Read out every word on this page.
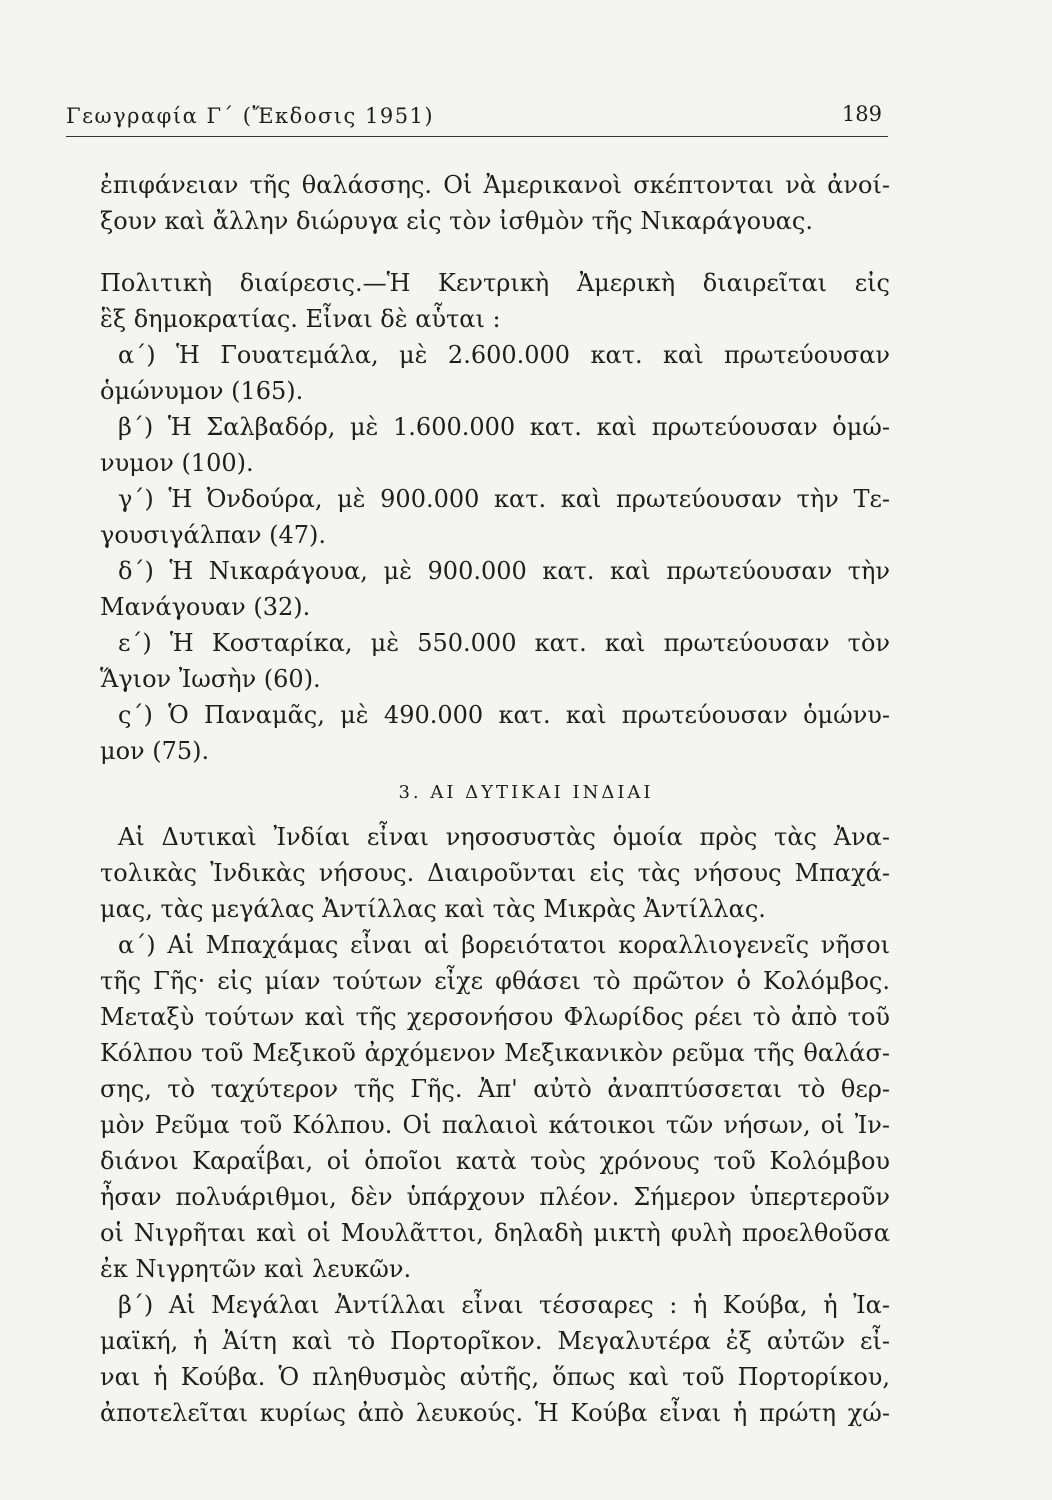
Γεωγραφία Γ΄ (Ἔκδοσις 1951)	189
ἐπιφάνειαν τῆς θαλάσσης. Οἱ Ἀμερικανοὶ σκέπτονται νὰ ἀνοί-
ξουν καὶ ἄλλην διώρυγα εἰς τὸν ἰσθμὸν τῆς Νικαράγουας.
Πολιτικὴ διαίρεσις.—Ἡ Κεντρικὴ Ἀμερικὴ διαιρεῖται εἰς
ἓξ δημοκρατίας. Εἶναι δὲ αὗται :
α΄) Ἡ Γουατεμάλα, μὲ 2.600.000 κατ. καὶ πρωτεύουσαν
ὁμώνυμον (165).
β΄) Ἡ Σαλβαδόρ, μὲ 1.600.000 κατ. καὶ πρωτεύουσαν ὁμώ-
νυμον (100).
γ΄) Ἡ Ὀνδούρα, μὲ 900.000 κατ. καὶ πρωτεύουσαν τὴν Τε-
γουσιγάλπαν (47).
δ΄) Ἡ Νικαράγουα, μὲ 900.000 κατ. καὶ πρωτεύουσαν τὴν
Μανάγουαν (32).
ε΄) Ἡ Κοσταρίκα, μὲ 550.000 κατ. καὶ πρωτεύουσαν τὸν
Ἅγιον Ἰωσὴν (60).
ς΄) Ὁ Παναμᾶς, μὲ 490.000 κατ. καὶ πρωτεύουσαν ὁμώνυ-
μον (75).
3. ΑΙ ΔΥΤΙΚΑΙ ΙΝΔΙΑΙ
Αἱ Δυτικαὶ Ἰνδίαι εἶναι νησοσυστὰς ὁμοία πρὸς τὰς Ἀνα-
τολικὰς Ἰνδικὰς νήσους. Διαιροῦνται εἰς τὰς νήσους Μπαχά-
μας, τὰς μεγάλας Ἀντίλλας καὶ τὰς Μικρὰς Ἀντίλλας.
α΄) Αἱ Μπαχάμας εἶναι αἱ βορειότατοι κοραλλιογενεῖς νῆσοι
τῆς Γῆς· εἰς μίαν τούτων εἶχε φθάσει τὸ πρῶτον ὁ Κολόμβος.
Μεταξὺ τούτων καὶ τῆς χερσονήσου Φλωρίδος ρέει τὸ ἀπὸ τοῦ
Κόλπου τοῦ Μεξικοῦ ἀρχόμενον Μεξικανικὸν ρεῦμα τῆς θαλάσ-
σης, τὸ ταχύτερον τῆς Γῆς. Ἀπ' αὐτὸ ἀναπτύσσεται τὸ θερ-
μὸν Ρεῦμα τοῦ Κόλπου. Οἱ παλαιοὶ κάτοικοι τῶν νήσων, οἱ Ἰν-
διάνοι Καραΐβαι, οἱ ὁποῖοι κατὰ τοὺς χρόνους τοῦ Κολόμβου
ἦσαν πολυάριθμοι, δὲν ὑπάρχουν πλέον. Σήμερον ὑπερτεροῦν
οἱ Νιγρῆται καὶ οἱ Μουλᾶττοι, δηλαδὴ μικτὴ φυλὴ προελθοῦσα
ἐκ Νιγρητῶν καὶ λευκῶν.
β΄) Αἱ Μεγάλαι Ἀντίλλαι εἶναι τέσσαρες : ἡ Κούβα, ἡ Ἰα-
μαϊκή, ἡ Ἁίτη καὶ τὸ Πορτορῖκον. Μεγαλυτέρα ἐξ αὐτῶν εἶ-
ναι ἡ Κούβα. Ὁ πληθυσμὸς αὐτῆς, ὅπως καὶ τοῦ Πορτορίκου,
ἀποτελεῖται κυρίως ἀπὸ λευκούς. Ἡ Κούβα εἶναι ἡ πρώτη χώ-
